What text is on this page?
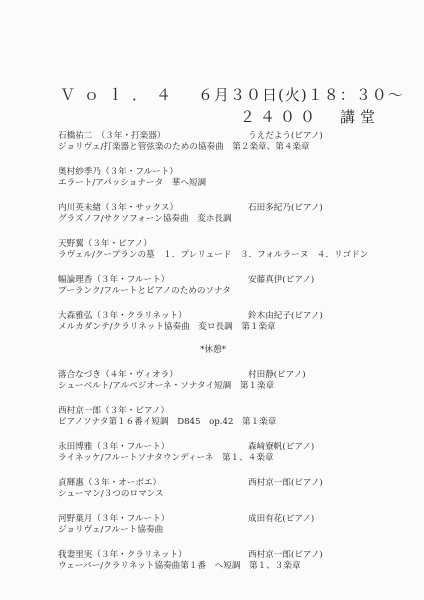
Ｖｏｌ．４ ６月３０日(火)１８：３０～
２４００　講堂
石橋祐二　（３年・打楽器）	うえだよう(ピアノ)
ジョリヴェ/打楽器と管弦楽のための協奏曲　第２楽章、第４楽章
奥村紗季乃（３年・フルート）
エラート/アパッショナータ　華へ短調
内川英未緒（３年・サックス）	石田多紀乃(ピアノ)
グラズノフ/サクソフォーン協奏曲　変ホ長調
天野翼（３年・ピアノ）
ラヴェル/クープランの墓　１．プレリュード　３．フォルラーヌ　４．リゴドン
幅論理香（３年・フルート）	安藤真伊(ピアノ)
プーランク/フルートとピアノのためのソナタ
大森雅弘（３年・クラリネット）	鈴木由紀子(ピアノ)
メルカダンテ/クラリネット協奏曲　変ロ長調　第１楽章
*休憩*
落合なづき（４年・ヴィオラ）	村田静(ピアノ)
シューベルト/アルペジオーネ・ソナタイ短調　第１楽章
西村京一郎（３年・ピアノ）
ピアノソナタ第１６番イ短調　D845　op.42　第１楽章
永田博雅（３年・フルート）	森﨑寮帆(ピアノ)
ライネッケ/フルートソナタウンディーネ　第１、４楽章
貞輝惠（３年・オーボエ）	西村京一郎(ピアノ)
シューマン/３つのロマンス
河野葉月（３年・フルート）	成田有花(ピアノ)
ジョリヴェ/フルート協奏曲
我妻里実（３年・クラリネット）	西村京一郎(ピアノ)
ウェーバー/クラリネット協奏曲第１番　ヘ短調　第１、３楽章
